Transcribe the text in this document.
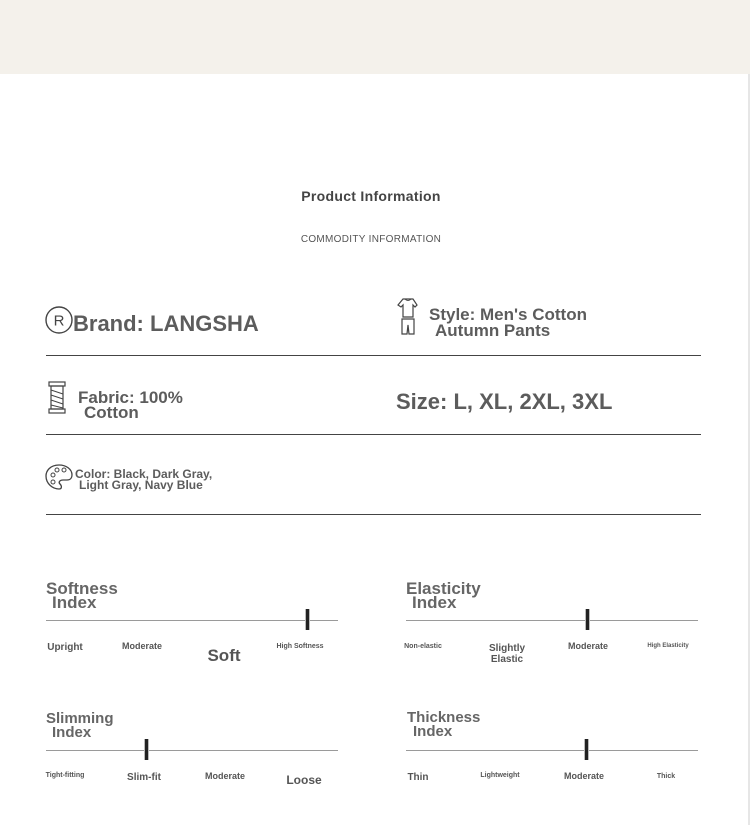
Product Information
COMMODITY INFORMATION
R Brand: LANGSHA	Style: Men's Cotton
Autumn Pants
Fabric: 100%
Cotton	Size: L, XL, 2XL, 3XL
Color: Black, Dark Gray,
Light Gray, Navy Blue
Softness
Index
Upright	Moderate	Soft	High Softness
Elasticity
Index
Non-elastic	Slightly Elastic
Moderate	High Elasticity
Slimming
Index
Tight-fitting	Slim-fit	Moderate	Loose
Thickness
Index
Thin	Lightweight	Moderate	Thick
